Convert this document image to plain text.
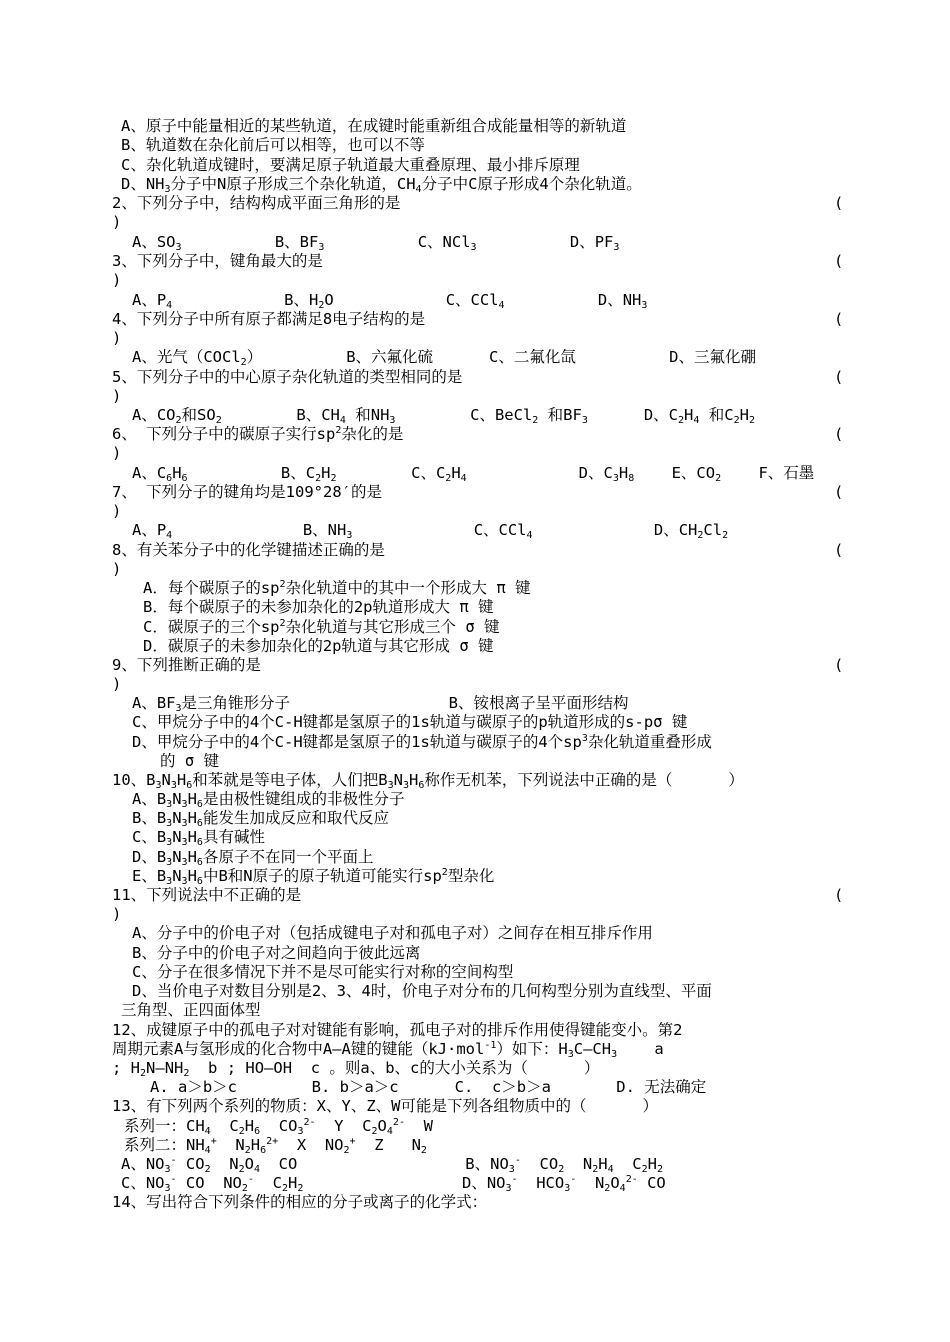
A、原子中能量相近的某些轨道，在成键时能重新组合成能量相等的新轨道
B、轨道数在杂化前后可以相等，也可以不等
C、杂化轨道成键时，要满足原子轨道最大重叠原理、最小排斥原理
D、$NH_3$分子中N原子形成三个杂化轨道，$CH_4$分子中C原子形成4个杂化轨道。
2、下列分子中，结构构成平面三角形的是	(
)
A、$SO_3$          B、$BF_3$          C、NCl$_3$          D、$PF_3$
3、下列分子中，键角最大的是	(
)
A、$P_4$            B、$H_2O$            C、CCl$_4$          D、$NH_3$
4、下列分子中所有原子都满足8电子结构的是	(
)
A、光气（COCl$_2$）         B、六氟化硫      C、二氟化氙          D、三氟化硼
5、下列分子中的中心原子杂化轨道的类型相同的是	(
)
A、$CO_2$和$SO_2$        B、$CH_4$ 和$NH_3$        C、BeCl$_2$ 和$BF_3$      D、$C_2H_4$ 和$C_2H_2$
6、 下列分子中的碳原子实行$sp^2$杂化的是	(
)
A、$C_6H_6$          B、$C_2H_2$        C、$C_2H_4$            D、$C_3H_8$    E、$CO_2$    F、石墨
7、 下列分子的键角均是109°28′的是	(
)
A、$P_4$              B、$NH_3$             C、CCl$_4$             D、$CH_2Cl_2$
8、有关苯分子中的化学键描述正确的是	(
)
A．每个碳原子的$sp^2$杂化轨道中的其中一个形成大 π 键
B．每个碳原子的未参加杂化的2p轨道形成大 π 键
C．碳原子的三个$sp^2$杂化轨道与其它形成三个 σ 键
D．碳原子的未参加杂化的2p轨道与其它形成 σ 键
9、下列推断正确的是	(
)
A、$BF_3$是三角锥形分子                 B、铵根离子呈平面形结构
C、甲烷分子中的4个C-H键都是氢原子的1s轨道与碳原子的p轨道形成的s-pσ 键
D、甲烷分子中的4个C-H键都是氢原子的1s轨道与碳原子的4个$sp^3$杂化轨道重叠形成
的 σ 键
10、$B_3N_3H_6$和苯就是等电子体，人们把$B_3N_3H_6$称作无机苯，下列说法中正确的是（      ）
A、$B_3N_3H_6$是由极性键组成的非极性分子
B、$B_3N_3H_6$能发生加成反应和取代反应
C、$B_3N_3H_6$具有碱性
D、$B_3N_3H_6$各原子不在同一个平面上
E、$B_3N_3H_6$中B和N原子的原子轨道可能实行$sp^2$型杂化
11、下列说法中不正确的是	(
)
A、分子中的价电子对（包括成键电子对和孤电子对）之间存在相互排斥作用
B、分子中的价电子对之间趋向于彼此远离
C、分子在很多情况下并不是尽可能实行对称的空间构型
D、当价电子对数目分别是2、3、4时，价电子对分布的几何构型分别为直线型、平面
三角型、正四面体型
12、成键原子中的孤电子对对键能有影响，孤电子对的排斥作用使得键能变小。第2
周期元素A与氢形成的化合物中A—A键的键能（kJ·mol$^{-1}$）如下：$H_3C—CH_3$    a
; $H_2N—NH_2$  b ; HO—OH  c 。则a、b、c的大小关系为（      ）
A. a＞b＞c        B. b＞a＞c      C.  c＞b＞a       D. 无法确定
13、有下列两个系列的物质：X、Y、Z、W可能是下列各组物质中的（      ）
系列一：$CH_4$  $C_2H_6$  $CO_3^{2-}$  Y  $C_2O_4^{2-}$  W
系列二：$NH_4^+$  $N_2H_6^{2+}$  X  $NO_2^+$  Z   $N_2$
A、$NO_3^-$ $CO_2$  $N_2O_4$  CO                  B、$NO_3^-$  $CO_2$  $N_2H_4$  $C_2H_2$
C、$NO_3^-$ CO  $NO_2^-$  $C_2H_2$                 D、$NO_3^-$  $HCO_3^-$  $N_2O_4^{2-}$ CO
14、写出符合下列条件的相应的分子或离子的化学式：
